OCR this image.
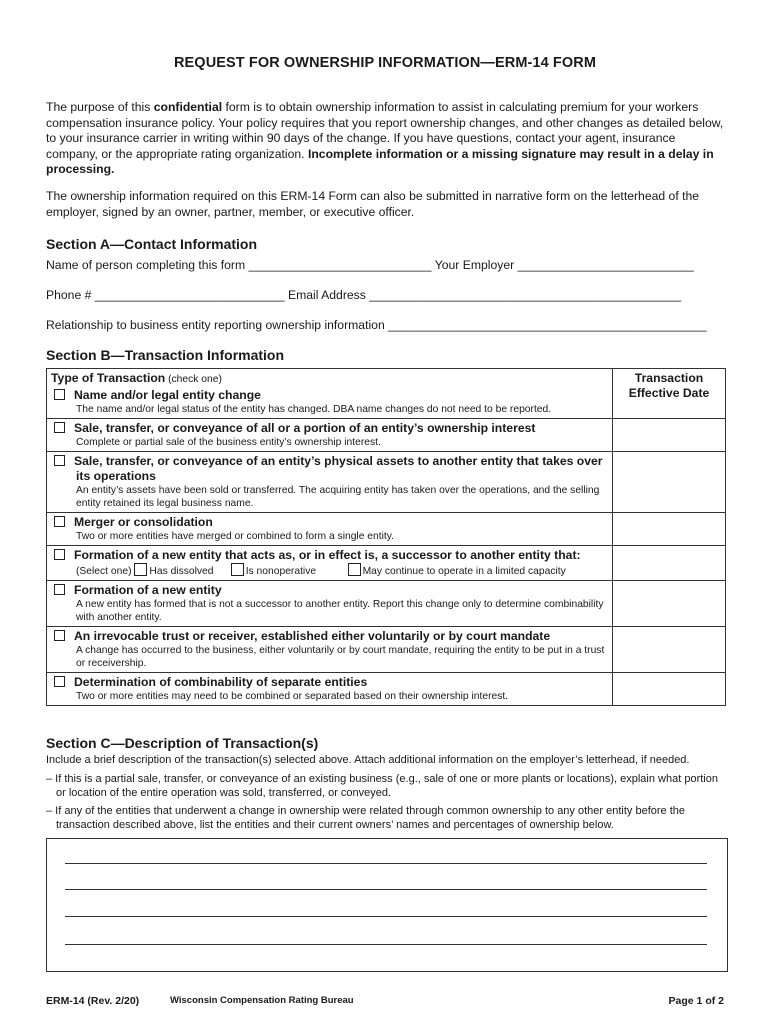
REQUEST FOR OWNERSHIP INFORMATION—ERM-14 FORM
The purpose of this confidential form is to obtain ownership information to assist in calculating premium for your workers compensation insurance policy. Your policy requires that you report ownership changes, and other changes as detailed below, to your insurance carrier in writing within 90 days of the change. If you have questions, contact your agent, insurance company, or the appropriate rating organization. Incomplete information or a missing signature may result in a delay in processing.
The ownership information required on this ERM-14 Form can also be submitted in narrative form on the letterhead of the employer, signed by an owner, partner, member, or executive officer.
Section A—Contact Information
Name of person completing this form ___________________________ Your Employer __________________________
Phone # ____________________________ Email Address ______________________________________________
Relationship to business entity reporting ownership information _______________________________________________
Section B—Transaction Information
Type of Transaction (check one)	Transaction Effective Date

Name and/or legal entity change
The name and/or legal status of the entity has changed. DBA name changes do not need to be reported.	

Sale, transfer, or conveyance of all or a portion of an entity’s ownership interest
Complete or partial sale of the business entity’s ownership interest.	

Sale, transfer, or conveyance of an entity’s physical assets to another entity that takes over its operations
An entity’s assets have been sold or transferred. The acquiring entity has taken over the operations, and the selling entity retained its legal business name.	

Merger or consolidation
Two or more entities have merged or combined to form a single entity.	

Formation of a new entity that acts as, or in effect is, a successor to another entity that:
(Select one) Has dissolved Is nonoperative May continue to operate in a limited capacity	

Formation of a new entity
A new entity has formed that is not a successor to another entity. Report this change only to determine combinability with another entity.	

An irrevocable trust or receiver, established either voluntarily or by court mandate
A change has occurred to the business, either voluntarily or by court mandate, requiring the entity to be put in a trust or receivership.	

Determination of combinability of separate entities
Two or more entities may need to be combined or separated based on their ownership interest.	

Section C—Description of Transaction(s)
Include a brief description of the transaction(s) selected above. Attach additional information on the employer’s letterhead, if needed.
– If this is a partial sale, transfer, or conveyance of an existing business (e.g., sale of one or more plants or locations), explain what portion or location of the entire operation was sold, transferred, or conveyed.
– If any of the entities that underwent a change in ownership were related through common ownership to any other entity before the transaction described above, list the entities and their current owners’ names and percentages of ownership below.
ERM-14 (Rev. 2/20)	Wisconsin Compensation Rating Bureau	Page 1 of 2
